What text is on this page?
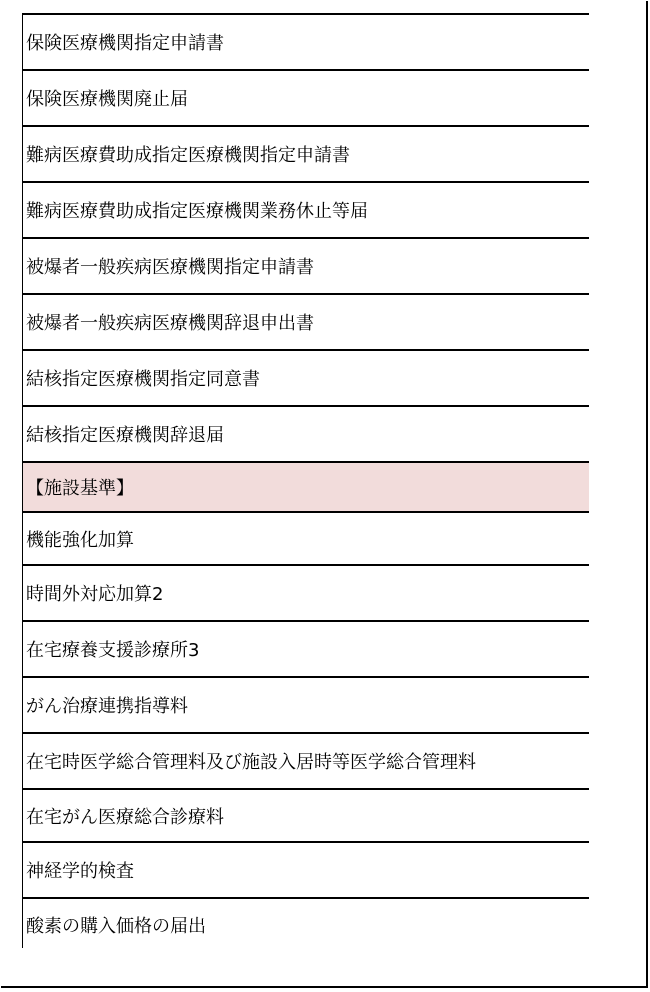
保険医療機関指定申請書
保険医療機関廃止届
難病医療費助成指定医療機関指定申請書
難病医療費助成指定医療機関業務休止等届
被爆者一般疾病医療機関指定申請書
被爆者一般疾病医療機関辞退申出書
結核指定医療機関指定同意書
結核指定医療機関辞退届
【施設基準】
機能強化加算
時間外対応加算2
在宅療養支援診療所3
がん治療連携指導料
在宅時医学総合管理料及び施設入居時等医学総合管理料
在宅がん医療総合診療料
神経学的検査
酸素の購入価格の届出
